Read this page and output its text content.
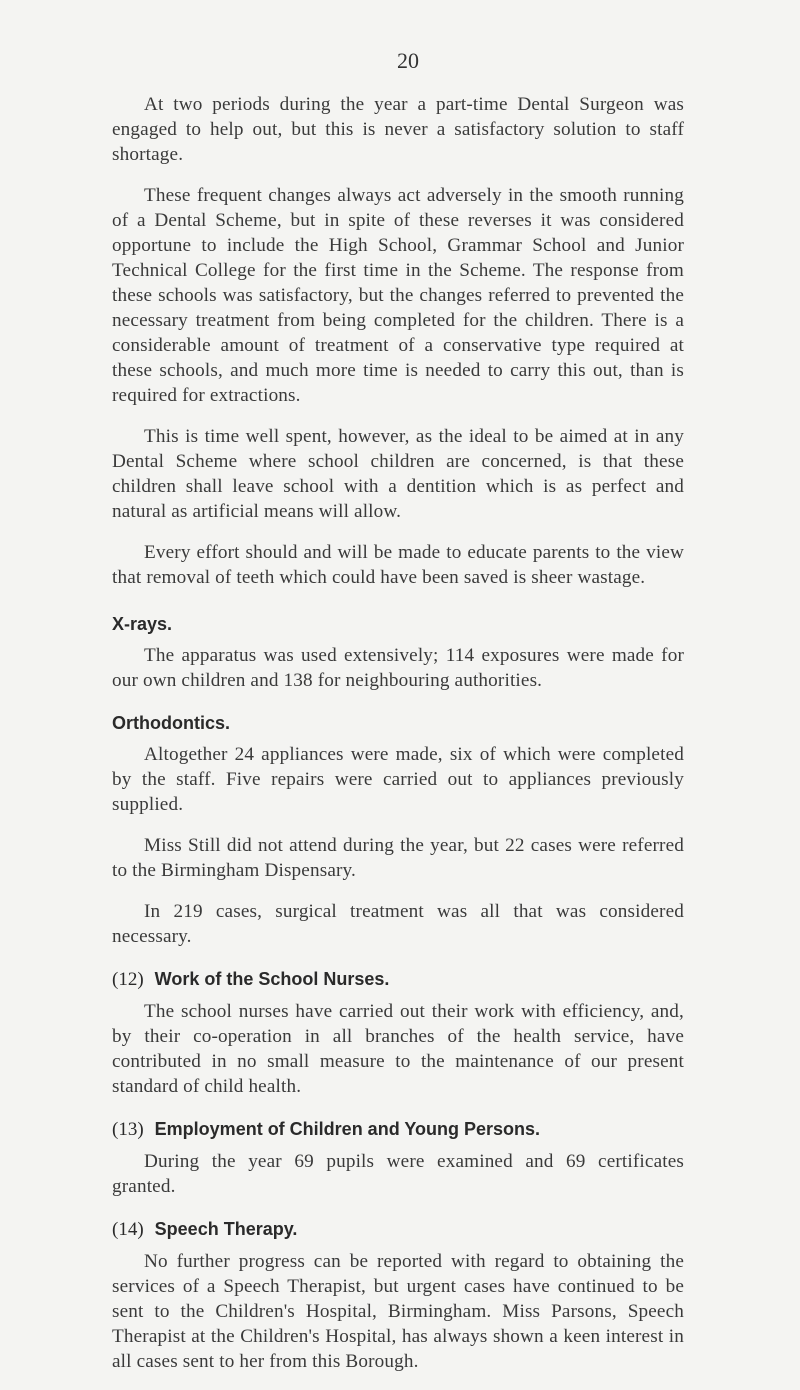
20

At two periods during the year a part-time Dental Surgeon was engaged to help out, but this is never a satisfactory solution to staff shortage.

These frequent changes always act adversely in the smooth running of a Dental Scheme, but in spite of these reverses it was considered opportune to include the High School, Grammar School and Junior Technical College for the first time in the Scheme. The response from these schools was satisfactory, but the changes referred to prevented the necessary treatment from being completed for the children. There is a considerable amount of treatment of a conservative type required at these schools, and much more time is needed to carry this out, than is required for extractions.

This is time well spent, however, as the ideal to be aimed at in any Dental Scheme where school children are concerned, is that these children shall leave school with a dentition which is as perfect and natural as artificial means will allow.

Every effort should and will be made to educate parents to the view that removal of teeth which could have been saved is sheer wastage.

X-rays.

The apparatus was used extensively; 114 exposures were made for our own children and 138 for neighbouring authorities.

Orthodontics.

Altogether 24 appliances were made, six of which were completed by the staff. Five repairs were carried out to appliances previously supplied.

Miss Still did not attend during the year, but 22 cases were referred to the Birmingham Dispensary.

In 219 cases, surgical treatment was all that was considered necessary.

(12) Work of the School Nurses.

The school nurses have carried out their work with efficiency, and, by their co-operation in all branches of the health service, have contributed in no small measure to the maintenance of our present standard of child health.

(13) Employment of Children and Young Persons.

During the year 69 pupils were examined and 69 certificates granted.

(14) Speech Therapy.

No further progress can be reported with regard to obtaining the services of a Speech Therapist, but urgent cases have continued to be sent to the Children's Hospital, Birmingham. Miss Parsons, Speech Therapist at the Children's Hospital, has always shown a keen interest in all cases sent to her from this Borough.
